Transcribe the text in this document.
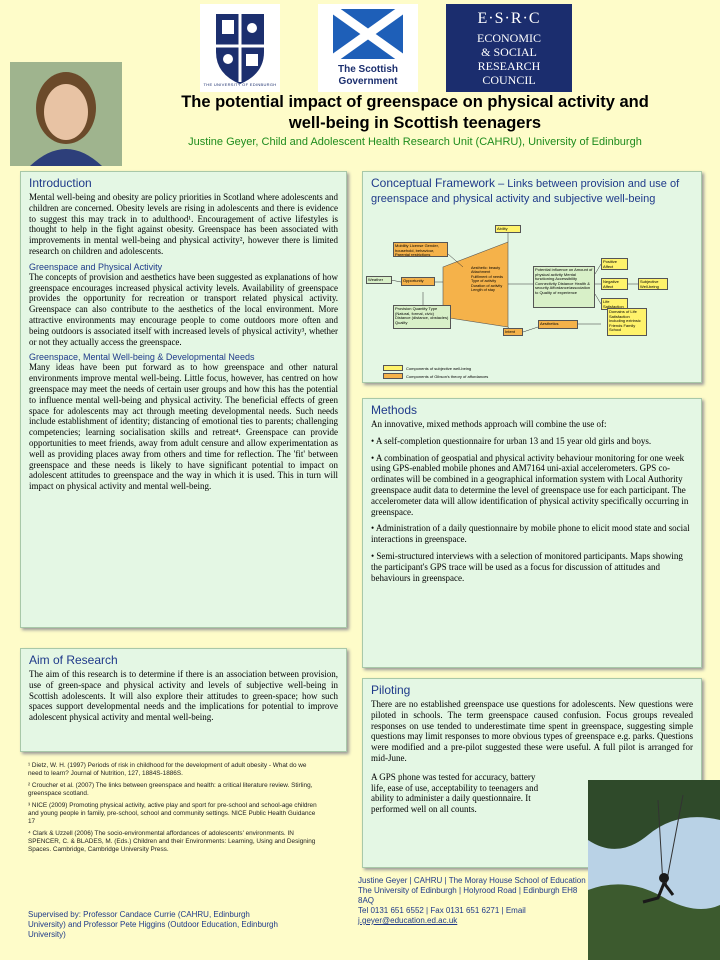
THE UNIVERSITY OF EDINBURGH
The Scottish
Government
E·S·R·C
ECONOMIC
& SOCIAL
RESEARCH
COUNCIL
The potential impact of greenspace on physical activity and
well-being in Scottish teenagers
Justine Geyer, Child and Adolescent Health Research Unit (CAHRU), University of Edinburgh
Introduction

Mental well-being and obesity are policy priorities in Scotland where adolescents and children are concerned. Obesity levels are rising in adolescents and there is evidence to suggest this may track in to adulthood¹. Encouragement of active lifestyles is thought to help in the fight against obesity. Greenspace has been associated with improvements in mental well-being and physical activity², however there is limited research on children and adolescents.

Greenspace and Physical Activity

The concepts of provision and aesthetics have been suggested as explanations of how greenspace encourages increased physical activity levels. Availability of greenspace provides the opportunity for recreation or transport related physical activity. Greenspace can also contribute to the aesthetics of the local environment. More attractive environments may encourage people to come outdoors more often and being outdoors is associated itself with increased levels of physical activity³, whether or not they actually access the greenspace.

Greenspace, Mental Well-being & Developmental Needs

Many ideas have been put forward as to how greenspace and other natural environments improve mental well-being. Little focus, however, has centred on how greenspace may meet the needs of certain user groups and how this has the potential to influence mental well-being and physical activity. The beneficial effects of green space for adolescents may act through meeting developmental needs. Such needs include establishment of identity; distancing of emotional ties to parents; challenging competencies; learning socialisation skills and retreat⁴. Greenspace can provide opportunities to meet friends, away from adult censure and allow experimentation as well as providing places away from others and time for reflection. The 'fit' between greenspace and these needs is likely to have significant potential to impact on adolescent attitudes to greenspace and the way in which it is used. This in turn will impact on physical activity and mental well-being.

Aim of Research

The aim of this research is to determine if there is an association between provision, use of green-space and physical activity and levels of subjective well-being in Scottish adolescents. It will also explore their attitudes to green-space; how such spaces support developmental needs and the implications for potential to improve adolescent physical activity and mental well-being.

¹ Dietz, W. H. (1997) Periods of risk in childhood for the development of adult obesity - What do we need to learn? Journal of Nutrition, 127, 1884S-1886S.

² Croucher et al. (2007) The links between greenspace and health: a critical literature review. Stirling, greenspace scotland.

³ NICE (2009) Promoting physical activity, active play and sport for pre-school and school-age children and young people in family, pre-school, school and community settings. NICE Public Health Guidance 17

⁴ Clark & Uzzell (2006) The socio-environmental affordances of adolescents' environments. IN SPENCER, C. & BLADES, M. (Eds.) Children and their Environments: Learning, Using and Designing Spaces. Cambridge, Cambridge University Press.

Supervised by: Professor Candace Currie (CAHRU, Edinburgh University) and Professor Pete Higgins (Outdoor Education, Edinburgh University)
Conceptual Framework – Links between provision and use of greenspace and physical activity and subjective well-being
Ability
Mobility License Gender, household, behaviour, Parental restrictions
Weather	Opportunity
Provision Quantity Type (Natural, formal, civic) Distance (distance, obstacles) Quality
Aesthetic: beauty Attachment Fulfilment of needs Type of activity Duration of activity Length of stay
Potential influence on Amount of physical activity Mental functioning Accessibility Connectivity Distance Health & security Affordance/association to Quality of experience
Intent
Aesthetics
Positive Affect
Negative Affect
Life Satisfaction
Subjective Well-being
Domains of Life Satisfaction Including extrinsic Friends Family School
Components of subjective well-being
Components of Gibson's theory of affordances
Methods

An innovative, mixed methods approach will combine the use of:

• A self-completion questionnaire for urban 13 and 15 year old girls and boys.

• A combination of geospatial and physical activity behaviour monitoring for one week using GPS-enabled mobile phones and AM7164 uni-axial accelerometers. GPS co-ordinates will be combined in a geographical information system with Local Authority greenspace audit data to determine the level of greenspace use for each participant. The accelerometer data will allow identification of physical activity specifically occurring in greenspace.

• Administration of a daily questionnaire by mobile phone to elicit mood state and social interactions in greenspace.

• Semi-structured interviews with a selection of monitored participants. Maps showing the participant's GPS trace will be used as a focus for discussion of attitudes and behaviours in greenspace.

Piloting

There are no established greenspace use questions for adolescents. New questions were piloted in schools. The term greenspace caused confusion. Focus groups revealed responses on use tended to underestimate time spent in greenspace, suggesting simple questions may limit responses to more obvious types of greenspace e.g. parks. Questions were modified and a pre-pilot suggested these were useful. A full pilot is arranged for mid-June.

A GPS phone was tested for accuracy, battery life, ease of use, acceptability to teenagers and ability to administer a daily questionnaire. It performed well on all counts.

Justine Geyer | CAHRU | The Moray House School of Education
The University of Edinburgh | Holyrood Road | Edinburgh EH8 8AQ
Tel 0131 651 6552 | Fax 0131 651 6271 | Email
j.geyer@education.ed.ac.uk
